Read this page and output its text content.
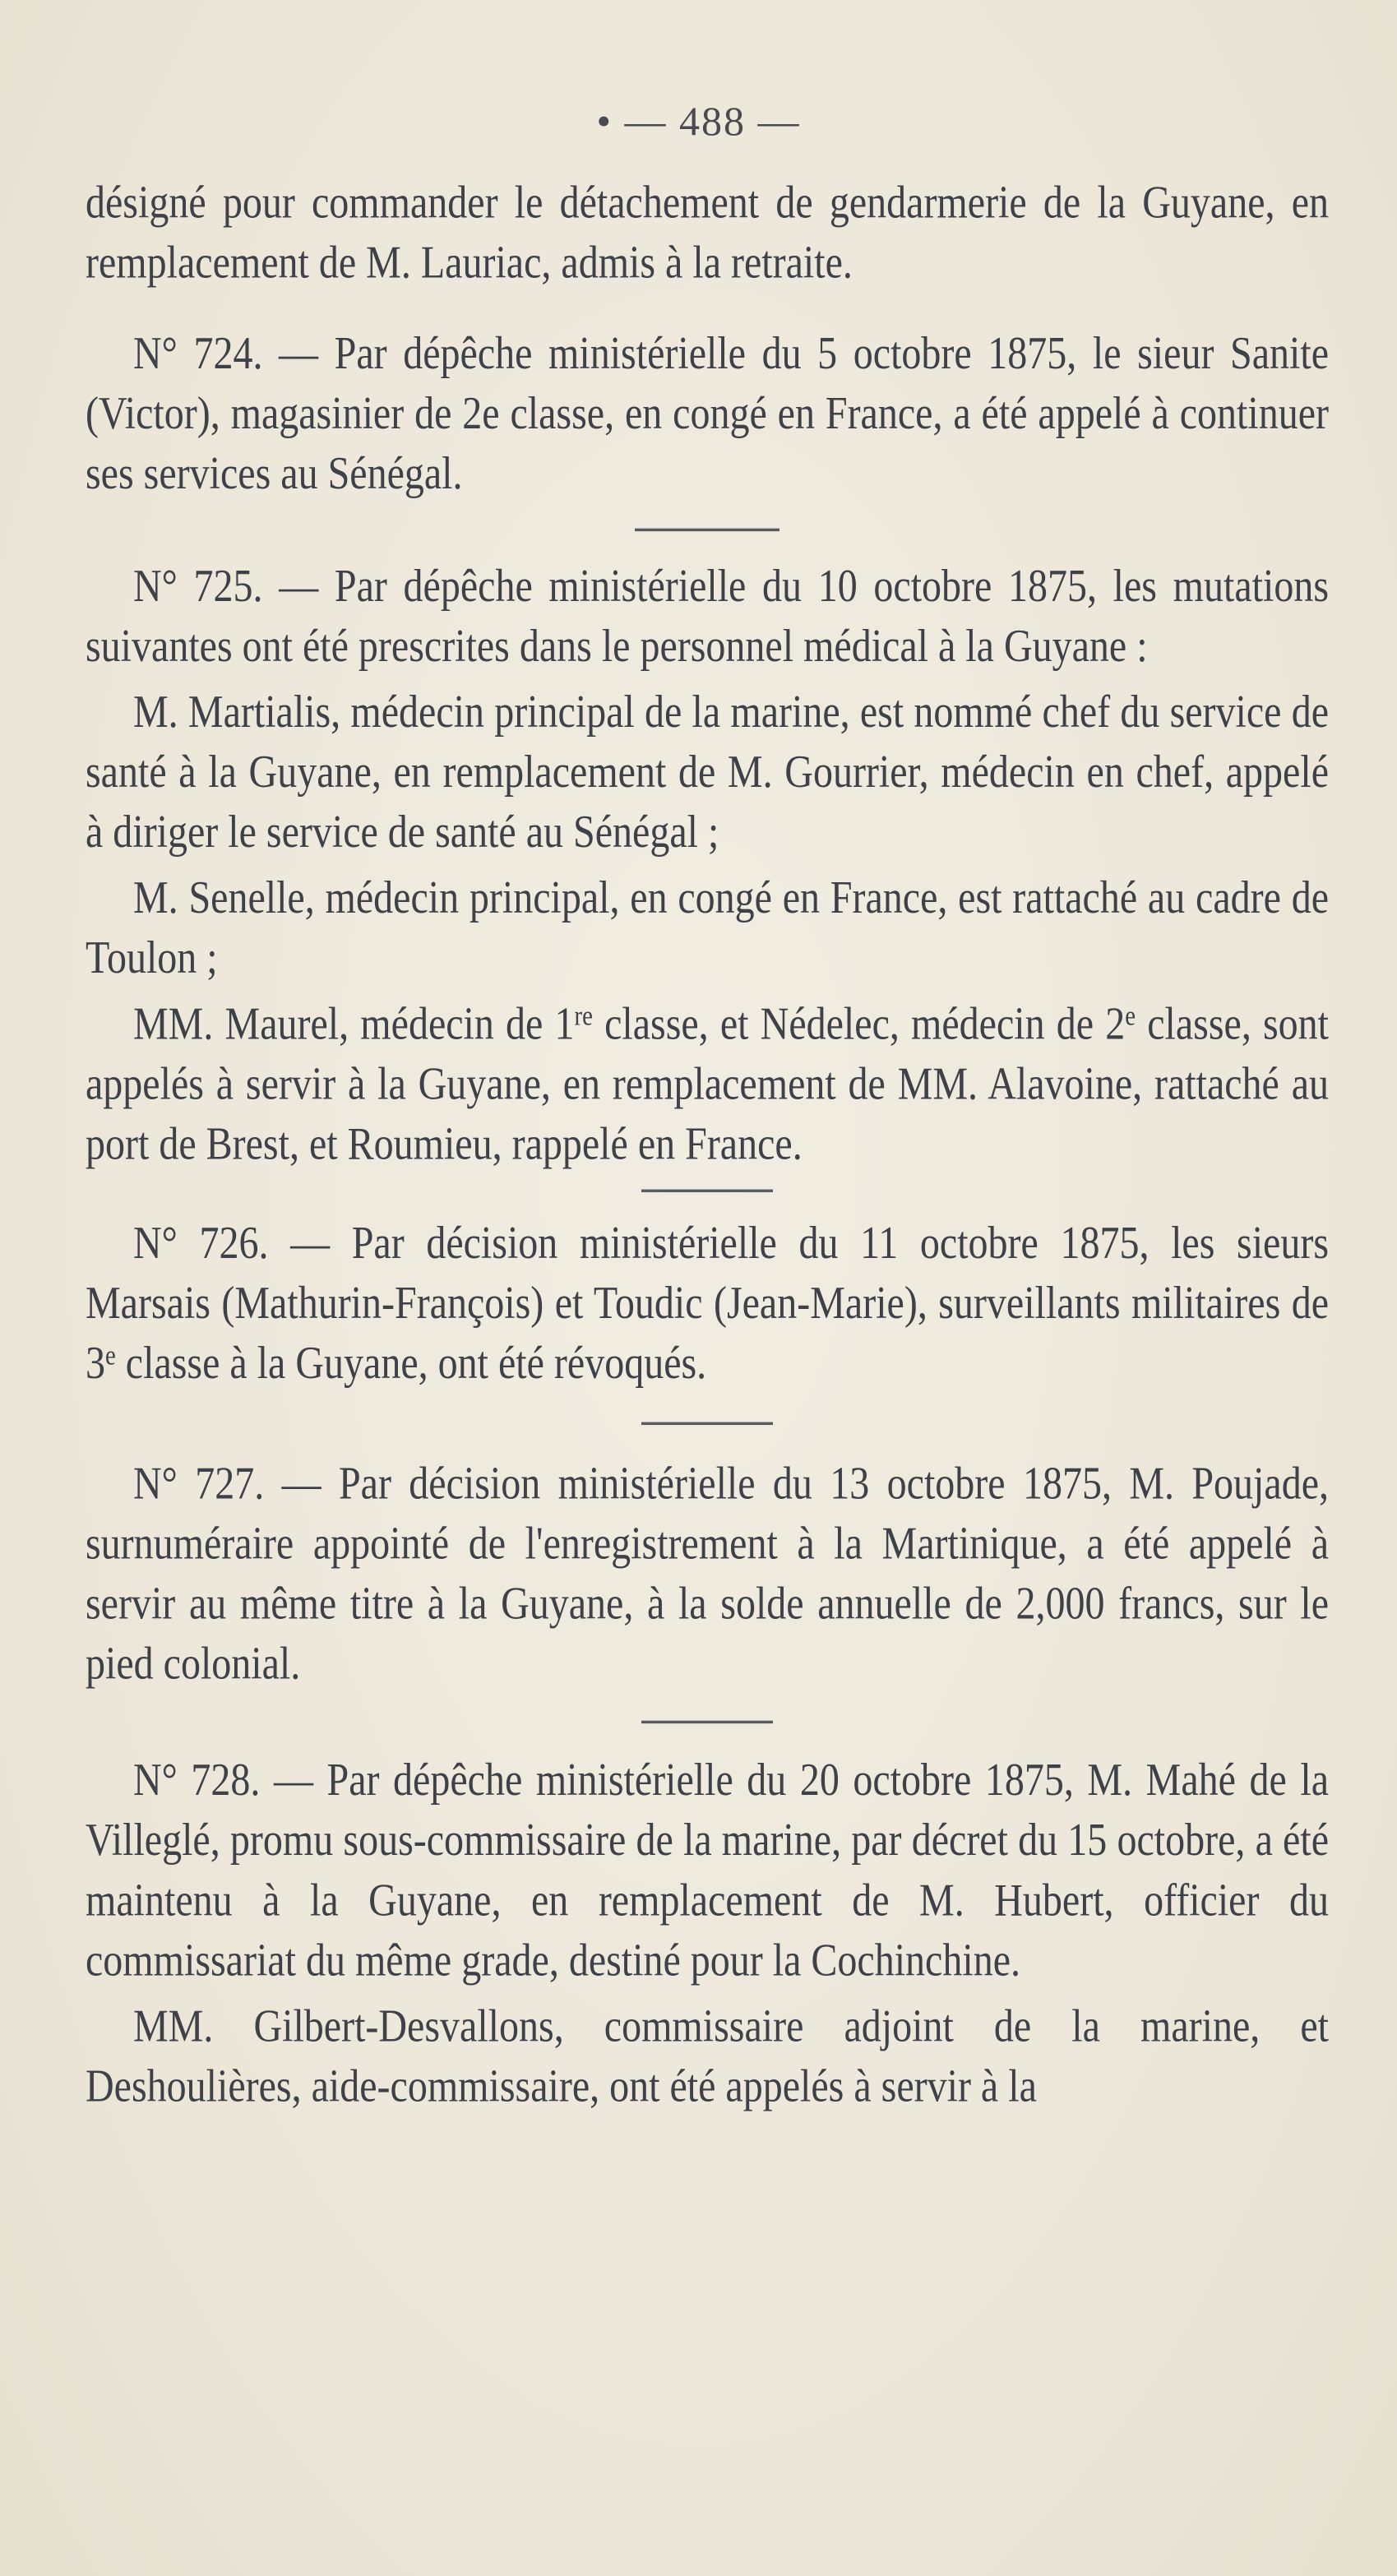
• — 488 —

désigné pour commander le détachement de gendarmerie de la Guyane, en remplacement de M. Lauriac, admis à la retraite.

N° 724. — Par dépêche ministérielle du 5 octobre 1875, le sieur Sanite (Victor), magasinier de 2e classe, en congé en France, a été appelé à continuer ses services au Sénégal.

N° 725. — Par dépêche ministérielle du 10 octobre 1875, les mutations suivantes ont été prescrites dans le personnel médical à la Guyane :

M. Martialis, médecin principal de la marine, est nommé chef du service de santé à la Guyane, en remplacement de M. Gourrier, médecin en chef, appelé à diriger le service de santé au Sénégal ;

M. Senelle, médecin principal, en congé en France, est rattaché au cadre de Toulon ;

MM. Maurel, médecin de 1re classe, et Nédelec, médecin de 2e classe, sont appelés à servir à la Guyane, en remplacement de MM. Alavoine, rattaché au port de Brest, et Roumieu, rappelé en France.

N° 726. — Par décision ministérielle du 11 octobre 1875, les sieurs Marsais (Mathurin-François) et Toudic (Jean-Marie), surveillants militaires de 3e classe à la Guyane, ont été révoqués.

N° 727. — Par décision ministérielle du 13 octobre 1875, M. Poujade, surnuméraire appointé de l'enregistrement à la Martinique, a été appelé à servir au même titre à la Guyane, à la solde annuelle de 2,000 francs, sur le pied colonial.

N° 728. — Par dépêche ministérielle du 20 octobre 1875, M. Mahé de la Villeglé, promu sous-commissaire de la marine, par décret du 15 octobre, a été maintenu à la Guyane, en remplacement de M. Hubert, officier du commissariat du même grade, destiné pour la Cochinchine.

MM. Gilbert-Desvallons, commissaire adjoint de la marine, et Deshoulières, aide-commissaire, ont été appelés à servir à la
